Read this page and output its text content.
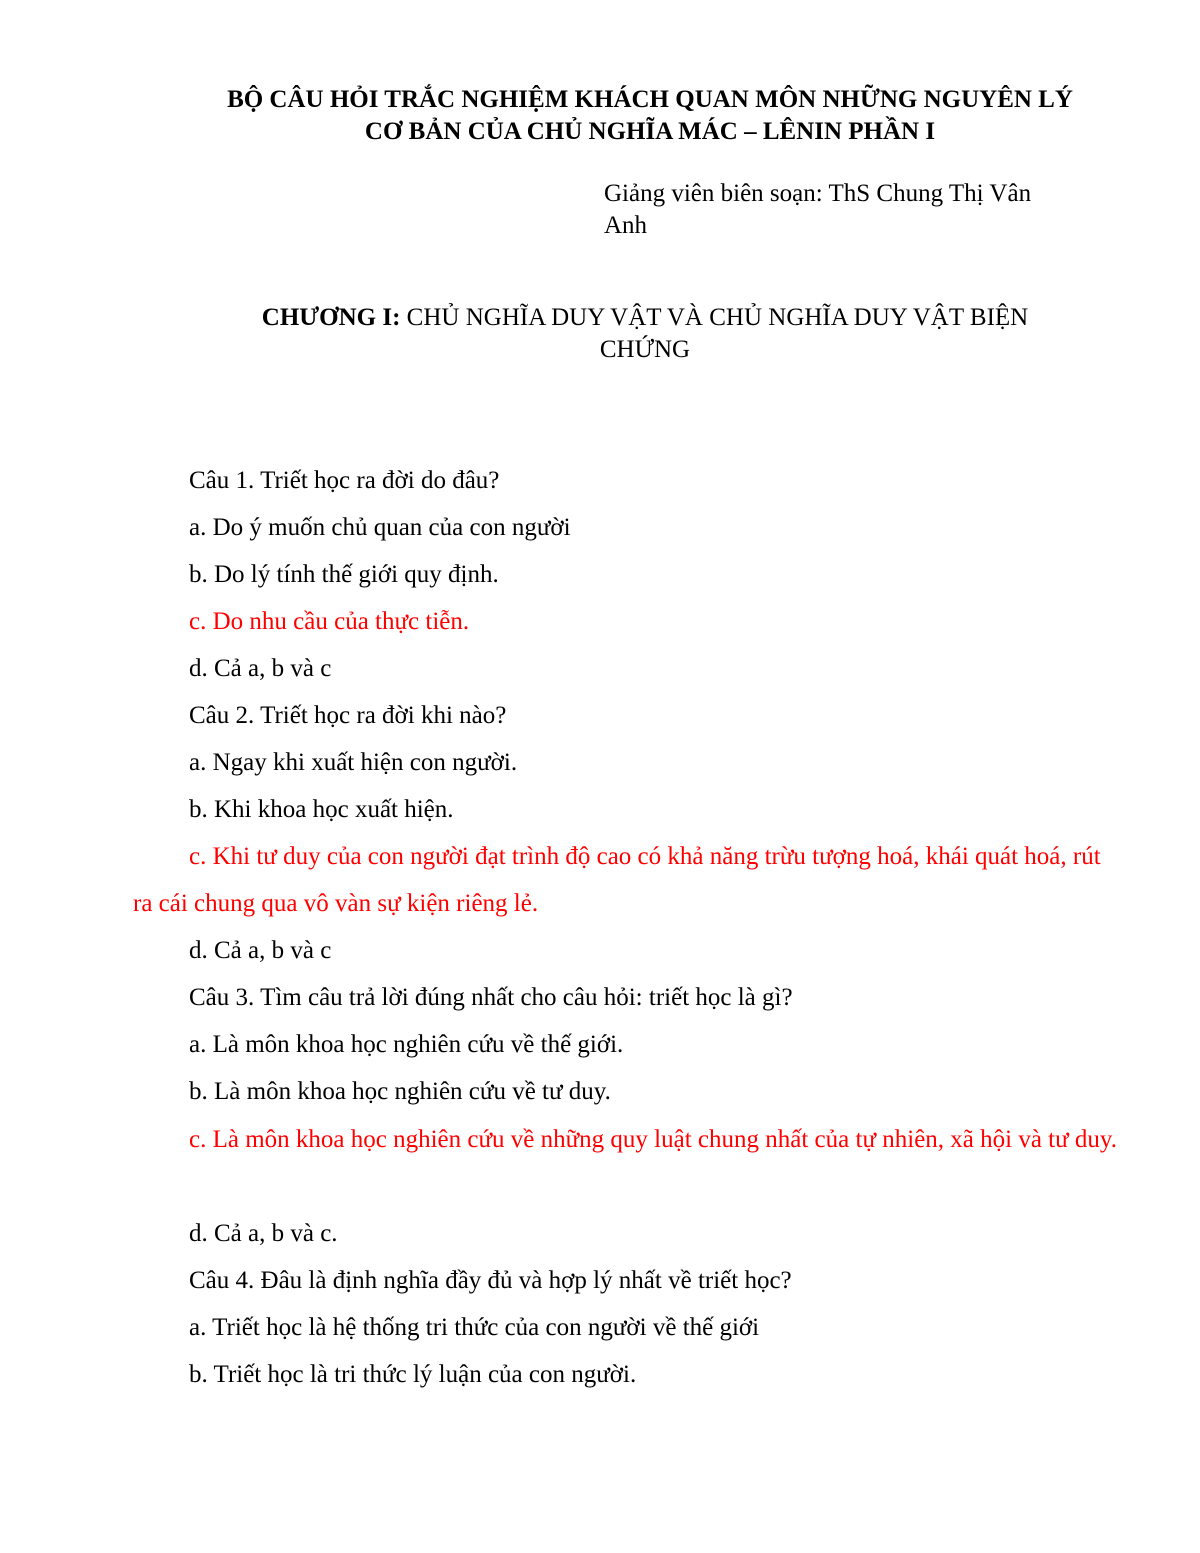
BỘ CÂU HỎI TRẮC NGHIỆM KHÁCH QUAN MÔN NHỮNG NGUYÊN LÝ
CƠ BẢN CỦA CHỦ NGHĨA MÁC – LÊNIN PHẦN I
Giảng viên biên soạn: ThS Chung Thị Vân
Anh
CHƯƠNG I: CHỦ NGHĨA DUY VẬT VÀ CHỦ NGHĨA DUY VẬT BIỆN
CHỨNG
Câu 1. Triết học ra đời do đâu?
a. Do ý muốn chủ quan của con người
b. Do lý tính thế giới quy định.
c. Do nhu cầu của thực tiễn.
d. Cả a, b và c
Câu 2. Triết học ra đời khi nào?
a. Ngay khi xuất hiện con người.
b. Khi khoa học xuất hiện.
c. Khi tư duy của con người đạt trình độ cao có khả năng trừu tượng hoá, khái quát hoá, rút ra cái chung qua vô vàn sự kiện riêng lẻ.
d. Cả a, b và c
Câu 3. Tìm câu trả lời đúng nhất cho câu hỏi: triết học là gì?
a. Là môn khoa học nghiên cứu về thế giới.
b. Là môn khoa học nghiên cứu về tư duy.
c. Là môn khoa học nghiên cứu về những quy luật chung nhất của tự nhiên, xã hội và tư duy.
d. Cả a, b và c.
Câu 4. Đâu là định nghĩa đầy đủ và hợp lý nhất về triết học?
a. Triết học là hệ thống tri thức của con người về thế giới
b. Triết học là tri thức lý luận của con người.
